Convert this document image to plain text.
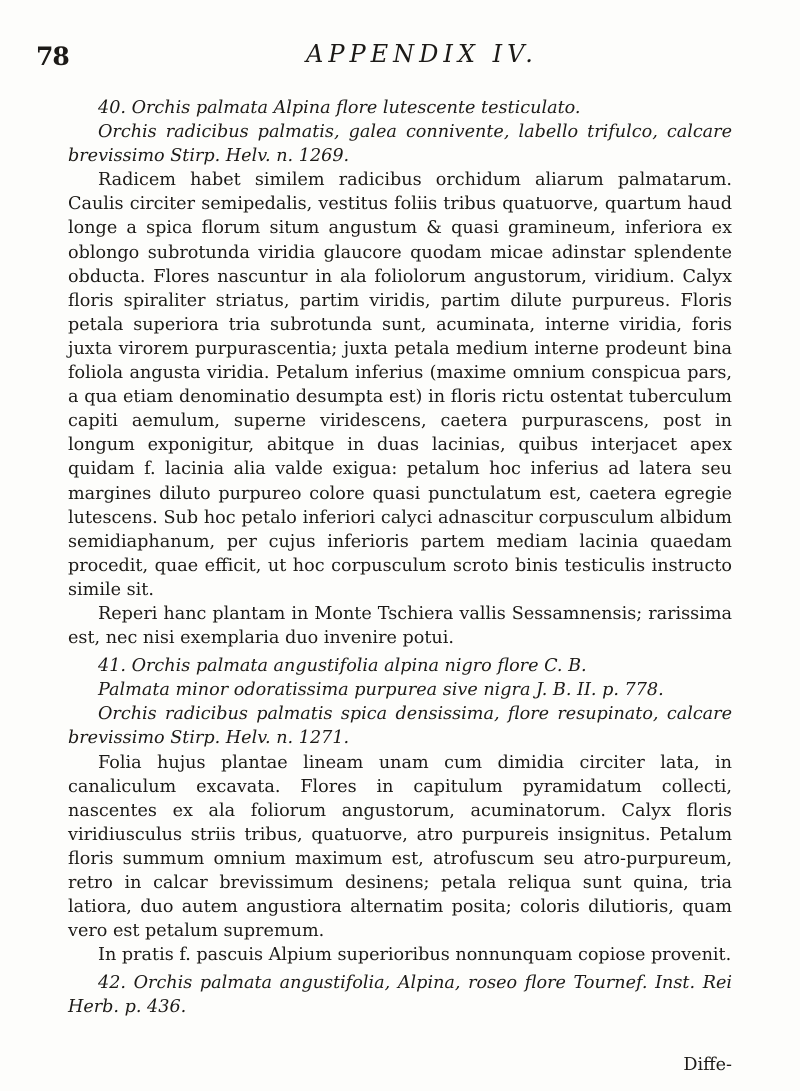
78	APPENDIX IV.

40. Orchis palmata Alpina flore lutescente testiculato.

Orchis radicibus palmatis, galea connivente, labello trifulco, calcare brevissimo Stirp. Helv. n. 1269.

Radicem habet similem radicibus orchidum aliarum palmatarum. Caulis circiter semipedalis, vestitus foliis tribus quatuorve, quartum haud longe a spica florum situm angustum & quasi gramineum, inferiora ex oblongo subrotunda viridia glaucore quodam micae adinstar splendente obducta. Flores nascuntur in ala foliolorum angustorum, viridium. Calyx floris spiraliter striatus, partim viridis, partim dilute purpureus. Floris petala superiora tria subrotunda sunt, acuminata, interne viridia, foris juxta virorem purpurascentia; juxta petala medium interne prodeunt bina foliola angusta viridia. Petalum inferius (maxime omnium conspicua pars, a qua etiam denominatio desumpta est) in floris rictu ostentat tuberculum capiti aemulum, superne viridescens, caetera purpurascens, post in longum exponigitur, abitque in duas lacinias, quibus interjacet apex quidam f. lacinia alia valde exigua: petalum hoc inferius ad latera seu margines diluto purpureo colore quasi punctulatum est, caetera egregie lutescens. Sub hoc petalo inferiori calyci adnascitur corpusculum albidum semidiaphanum, per cujus inferioris partem mediam lacinia quaedam procedit, quae efficit, ut hoc corpusculum scroto binis testiculis instructo simile sit.

Reperi hanc plantam in Monte Tschiera vallis Sessamnensis; rarissima est, nec nisi exemplaria duo invenire potui.

41. Orchis palmata angustifolia alpina nigro flore C. B.

Palmata minor odoratissima purpurea sive nigra J. B. II. p. 778.

Orchis radicibus palmatis spica densissima, flore resupinato, calcare brevissimo Stirp. Helv. n. 1271.

Folia hujus plantae lineam unam cum dimidia circiter lata, in canaliculum excavata. Flores in capitulum pyramidatum collecti, nascentes ex ala foliorum angustorum, acuminatorum. Calyx floris viridiusculus striis tribus, quatuorve, atro purpureis insignitus. Petalum floris summum omnium maximum est, atrofuscum seu atro-purpureum, retro in calcar brevissimum desinens; petala reliqua sunt quina, tria latiora, duo autem angustiora alternatim posita; coloris dilutioris, quam vero est petalum supremum.

In pratis f. pascuis Alpium superioribus nonnunquam copiose provenit.

42. Orchis palmata angustifolia, Alpina, roseo flore Tournef. Inst. Rei Herb. p. 436.

Diffe-
